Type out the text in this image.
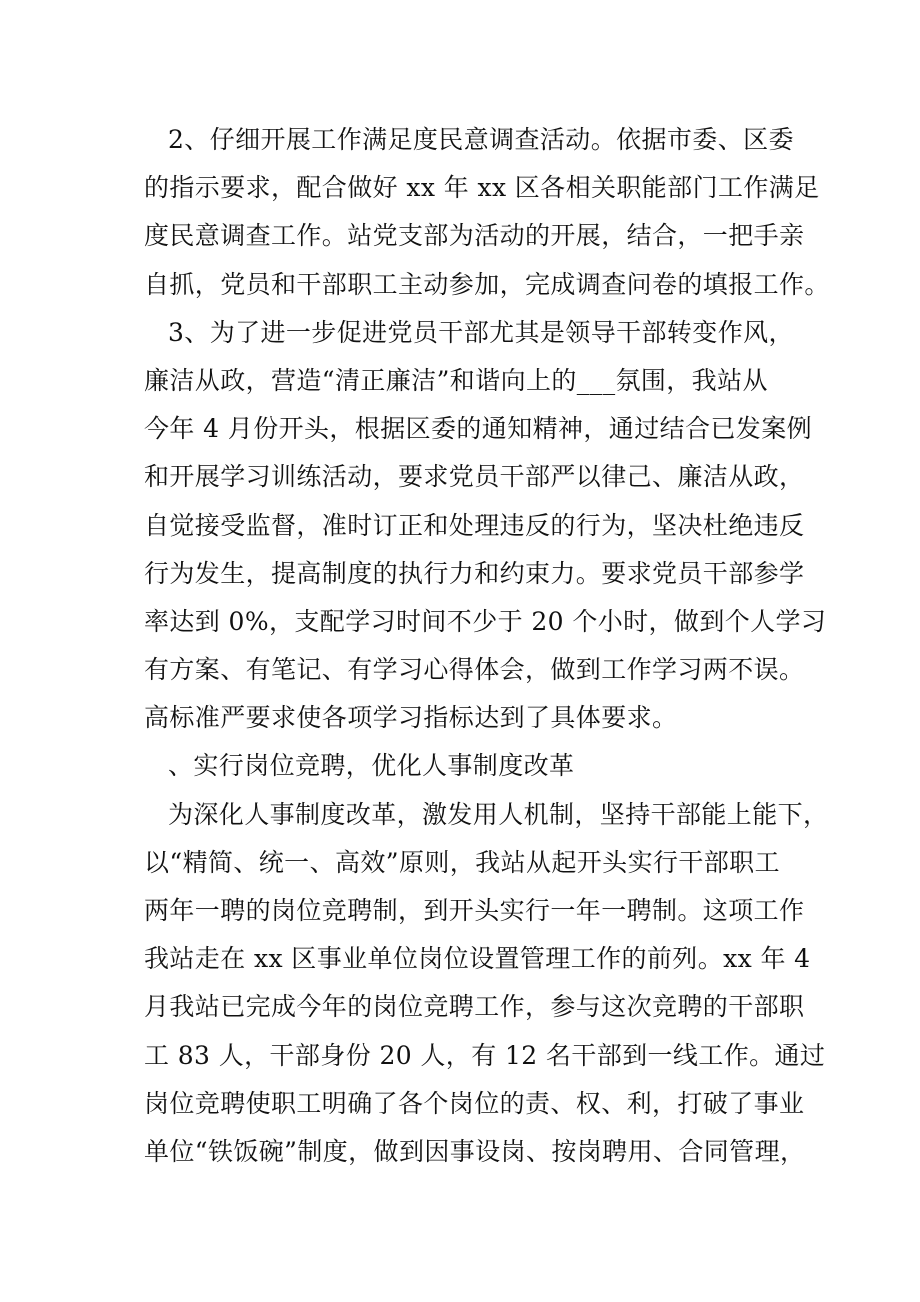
2、仔细开展工作满足度民意调查活动。依据市委、区委
的指示要求，配合做好 xx 年 xx 区各相关职能部门工作满足
度民意调查工作。站党支部为活动的开展，结合，一把手亲
自抓，党员和干部职工主动参加，完成调查问卷的填报工作。
3、为了进一步促进党员干部尤其是领导干部转变作风，
廉洁从政，营造“清正廉洁”和谐向上的___氛围，我站从
今年 4 月份开头，根据区委的通知精神，通过结合已发案例
和开展学习训练活动，要求党员干部严以律己、廉洁从政，
自觉接受监督，准时订正和处理违反的行为，坚决杜绝违反
行为发生，提高制度的执行力和约束力。要求党员干部参学
率达到 0%，支配学习时间不少于 20 个小时，做到个人学习
有方案、有笔记、有学习心得体会，做到工作学习两不误。
高标准严要求使各项学习指标达到了具体要求。
、实行岗位竞聘，优化人事制度改革
为深化人事制度改革，激发用人机制，坚持干部能上能下，
以“精简、统一、高效”原则，我站从起开头实行干部职工
两年一聘的岗位竞聘制，到开头实行一年一聘制。这项工作
我站走在 xx 区事业单位岗位设置管理工作的前列。xx 年 4
月我站已完成今年的岗位竞聘工作，参与这次竞聘的干部职
工 83 人，干部身份 20 人，有 12 名干部到一线工作。通过
岗位竞聘使职工明确了各个岗位的责、权、利，打破了事业
单位“铁饭碗”制度，做到因事设岗、按岗聘用、合同管理，
